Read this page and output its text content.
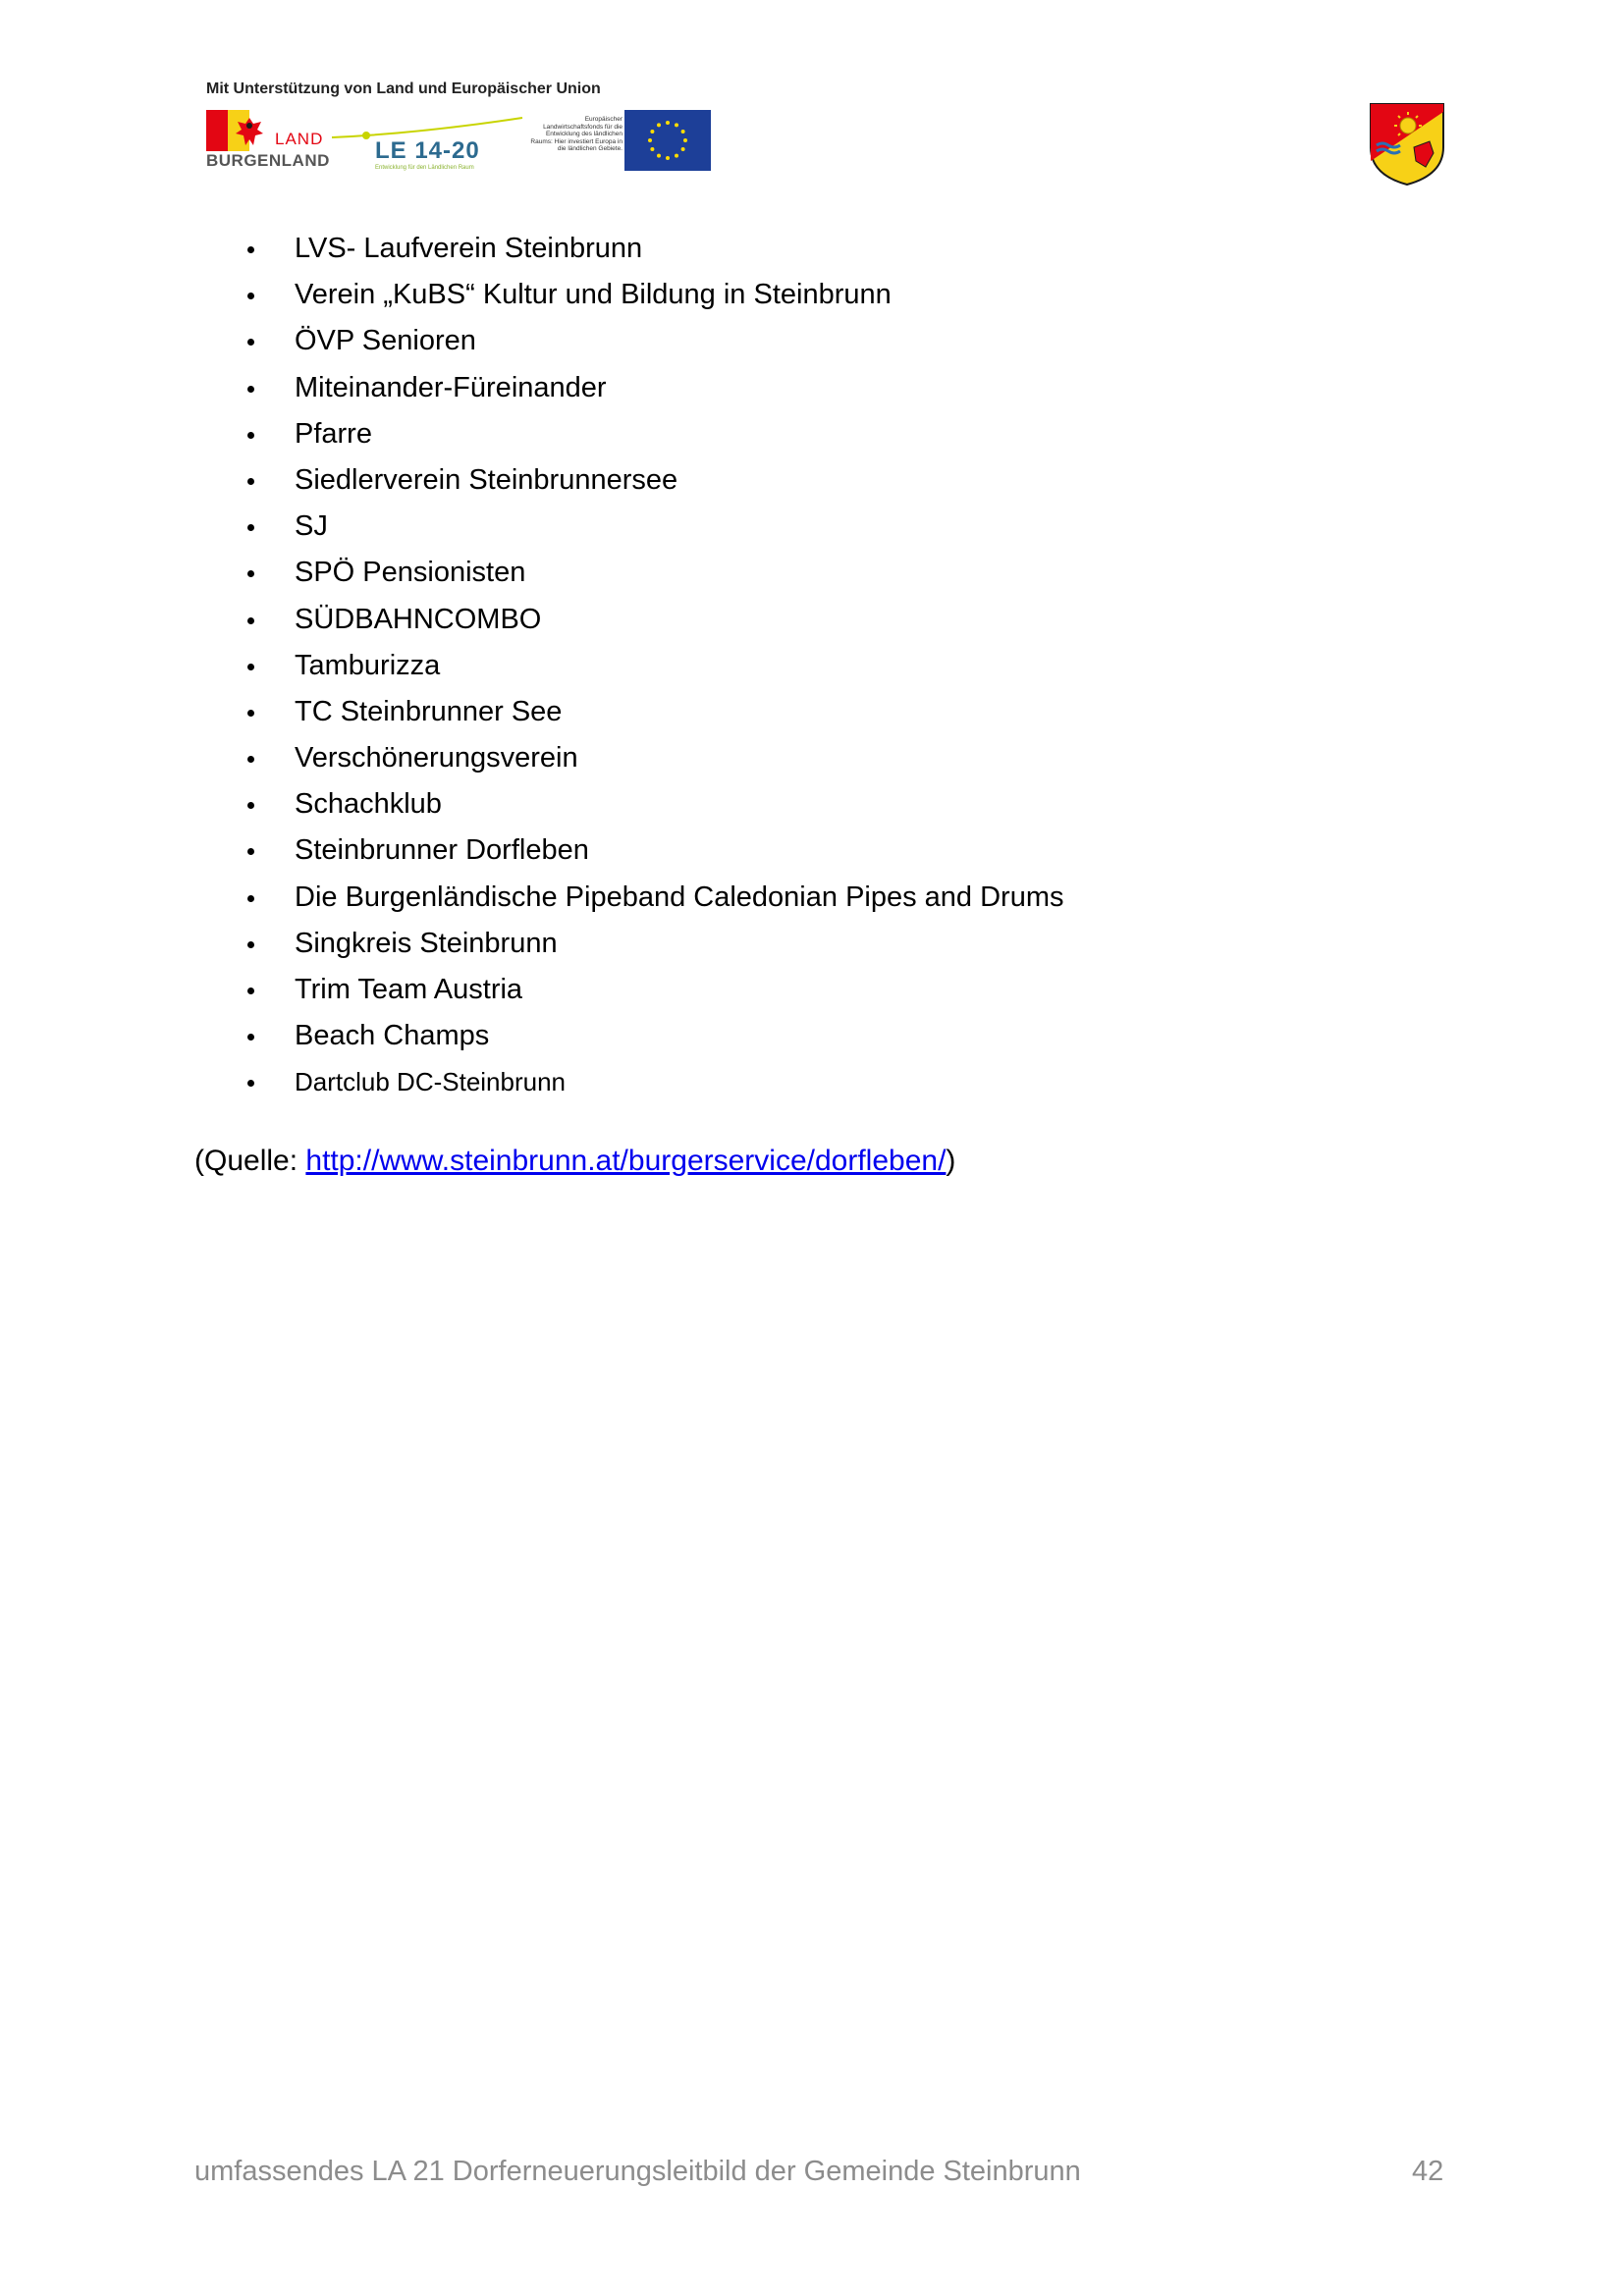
Mit Unterstützung von Land und Europäischer Union
LAND
BURGENLAND LE 14-20
Entwicklung für den Ländlichen Raum
Europäischer Landwirtschaftsfonds für die Entwicklung des ländlichen Raums: Hier investiert Europa in die ländlichen Gebiete.
LVS- Laufverein Steinbrunn
Verein „KuBS“ Kultur und Bildung in Steinbrunn
ÖVP Senioren
Miteinander-Füreinander
Pfarre
Siedlerverein Steinbrunnersee
SJ
SPÖ Pensionisten
SÜDBAHNCOMBO
Tamburizza
TC Steinbrunner See
Verschönerungsverein
Schachklub
Steinbrunner Dorfleben
Die Burgenländische Pipeband Caledonian Pipes and Drums
Singkreis Steinbrunn
Trim Team Austria
Beach Champs
Dartclub DC-Steinbrunn
(Quelle: http://www.steinbrunn.at/burgerservice/dorfleben/)
umfassendes LA 21 Dorferneuerungsleitbild der Gemeinde Steinbrunn	42
